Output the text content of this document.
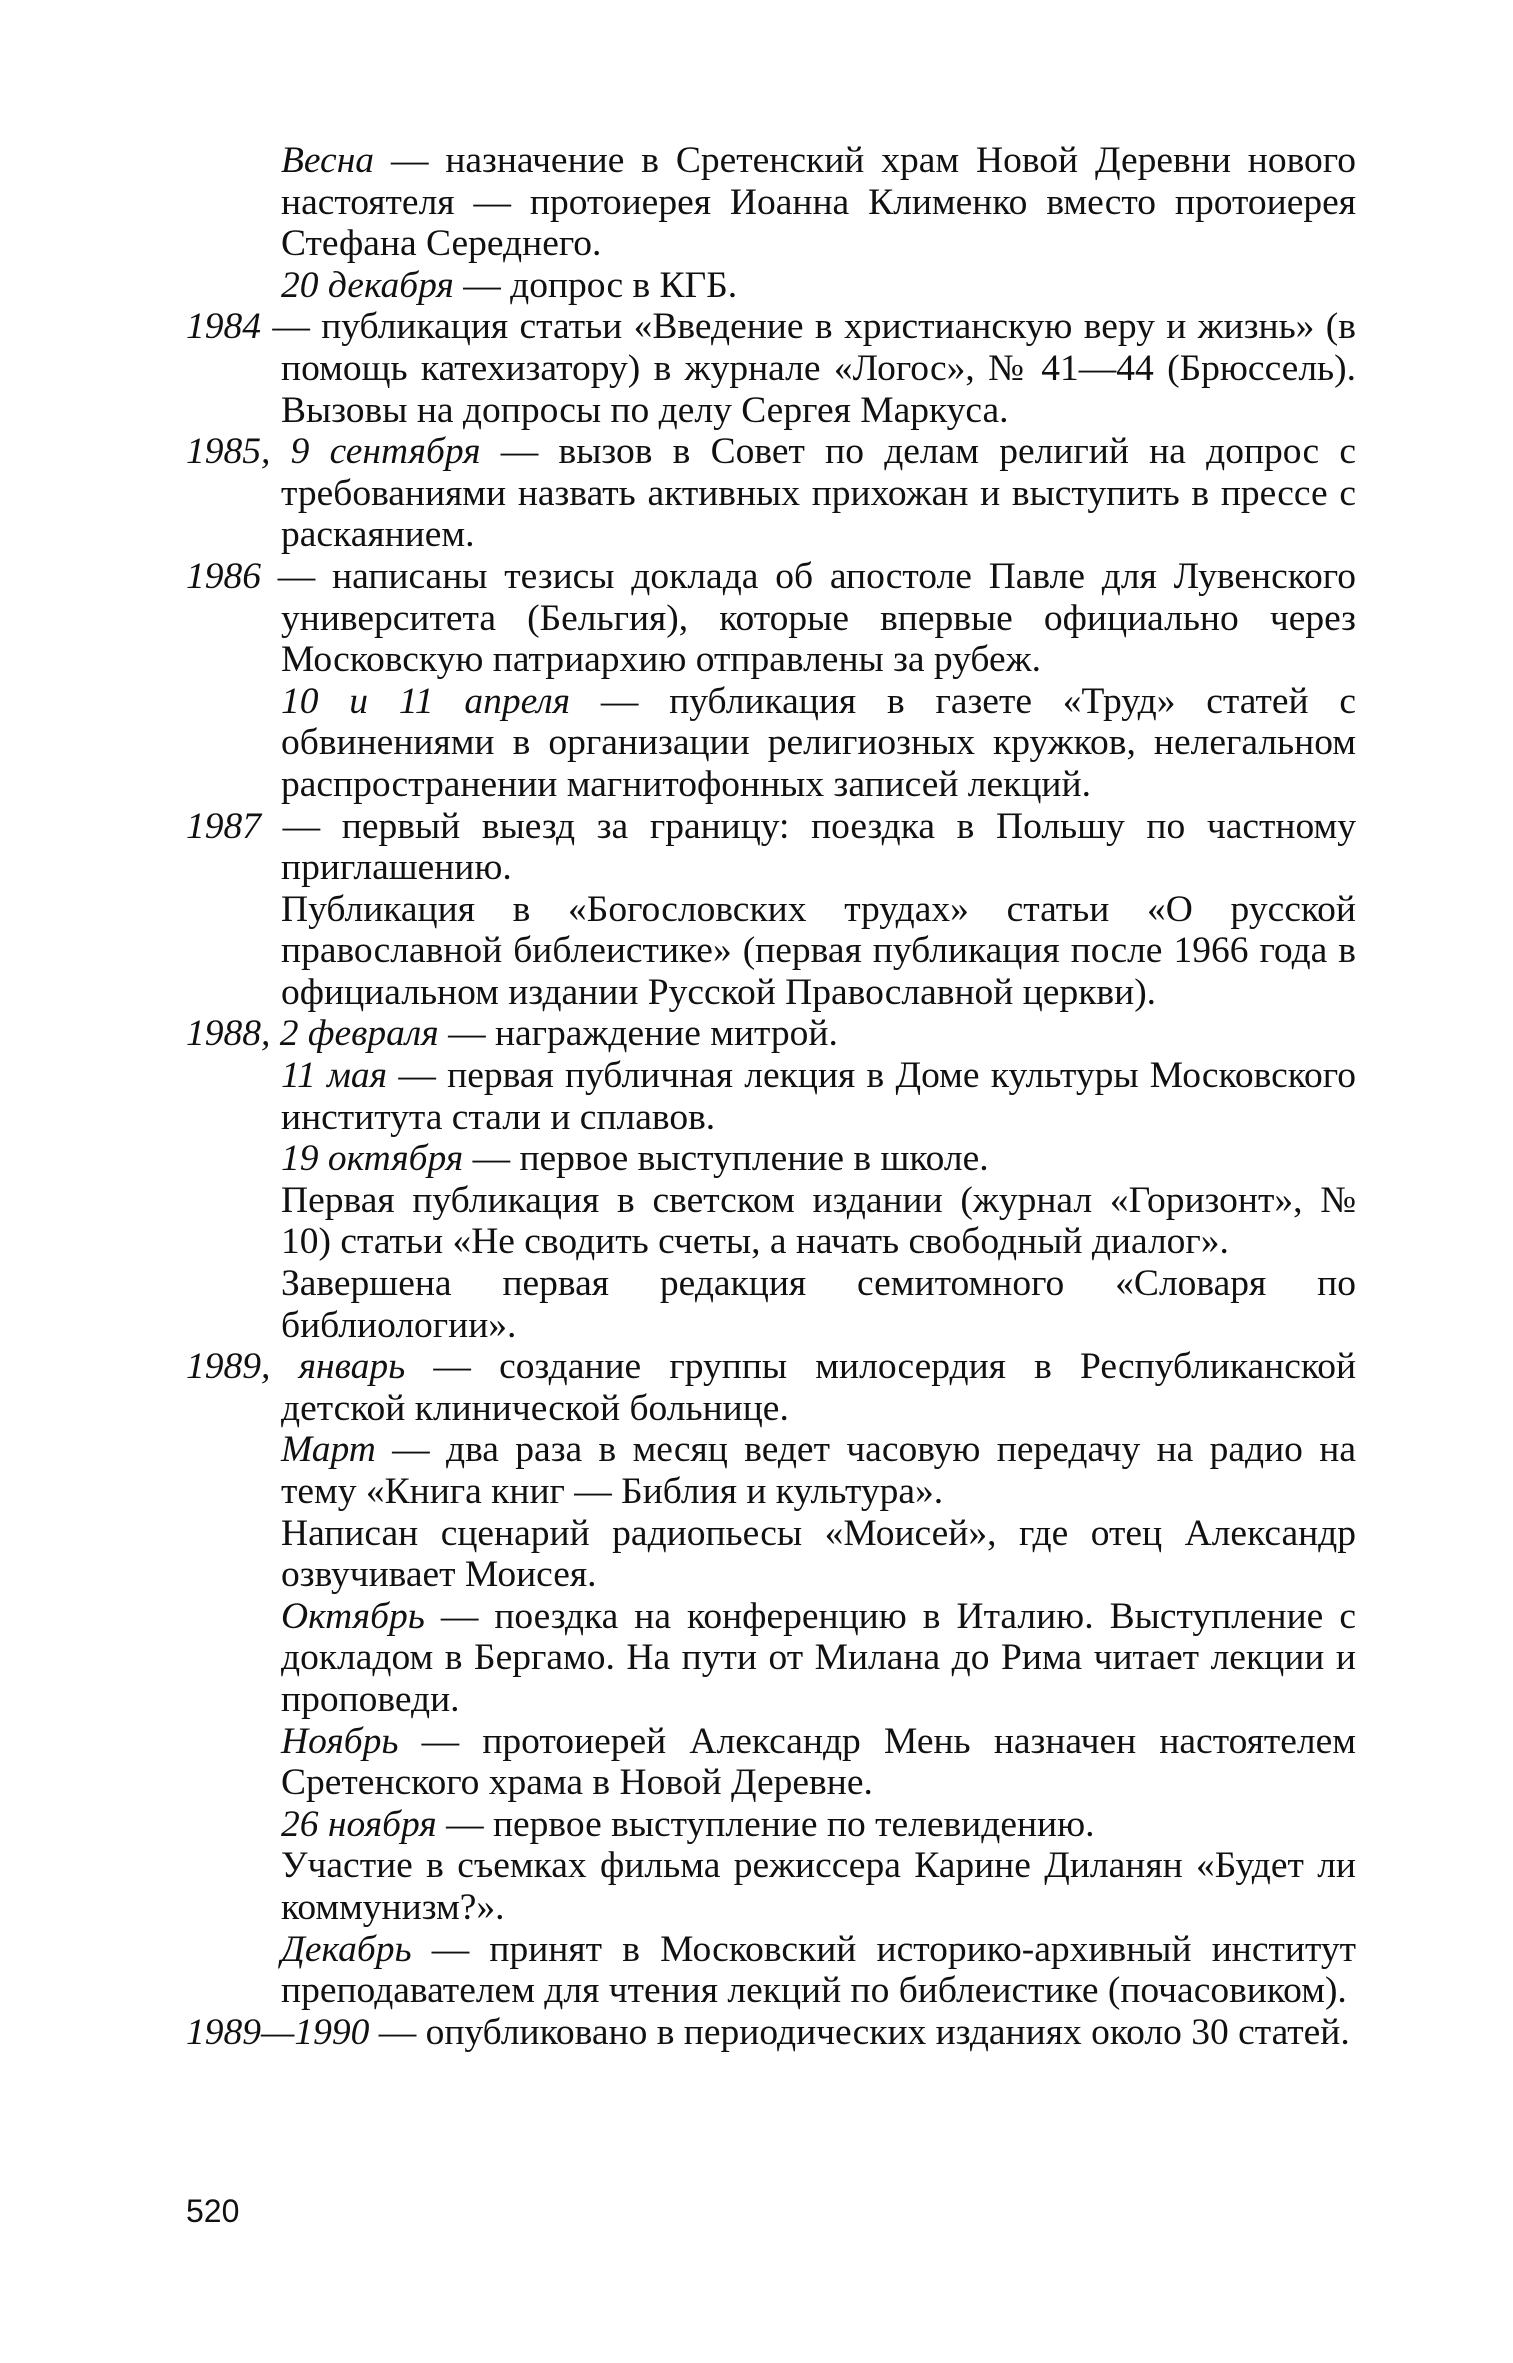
Весна — назначение в Сретенский храм Новой Деревни нового настоятеля — протоиерея Иоанна Клименко вместо протоиерея Стефана Середнего.

20 декабря — допрос в КГБ.

1984 — публикация статьи «Введение в христианскую веру и жизнь» (в помощь катехизатору) в журнале «Логос», № 41—44 (Брюссель). Вызовы на допросы по делу Сергея Маркуса.

1985, 9 сентября — вызов в Совет по делам религий на допрос с требованиями назвать активных прихожан и выступить в прессе с раскаянием.

1986 — написаны тезисы доклада об апостоле Павле для Лувенского университета (Бельгия), которые впервые официально через Московскую патриархию отправлены за рубеж.

10 и 11 апреля — публикация в газете «Труд» статей с обвинениями в организации религиозных кружков, нелегальном распространении магнитофонных записей лекций.

1987 — первый выезд за границу: поездка в Польшу по частному приглашению.

Публикация в «Богословских трудах» статьи «О русской православной библеистике» (первая публикация после 1966 года в официальном издании Русской Православной церкви).

1988, 2 февраля — награждение митрой.

11 мая — первая публичная лекция в Доме культуры Московского института стали и сплавов.

19 октября — первое выступление в школе.

Первая публикация в светском издании (журнал «Горизонт», № 10) статьи «Не сводить счеты, а начать свободный диалог».

Завершена первая редакция семитомного «Словаря по библиологии».

1989, январь — создание группы милосердия в Республиканской детской клинической больнице.

Март — два раза в месяц ведет часовую передачу на радио на тему «Книга книг — Библия и культура».

Написан сценарий радиопьесы «Моисей», где отец Александр озвучивает Моисея.

Октябрь — поездка на конференцию в Италию. Выступление с докладом в Бергамо. На пути от Милана до Рима читает лекции и проповеди.

Ноябрь — протоиерей Александр Мень назначен настоятелем Сретенского храма в Новой Деревне.

26 ноября — первое выступление по телевидению.

Участие в съемках фильма режиссера Карине Диланян «Будет ли коммунизм?».

Декабрь — принят в Московский историко-архивный институт преподавателем для чтения лекций по библеистике (почасовиком).

1989—1990 — опубликовано в периодических изданиях около 30 статей.

520
